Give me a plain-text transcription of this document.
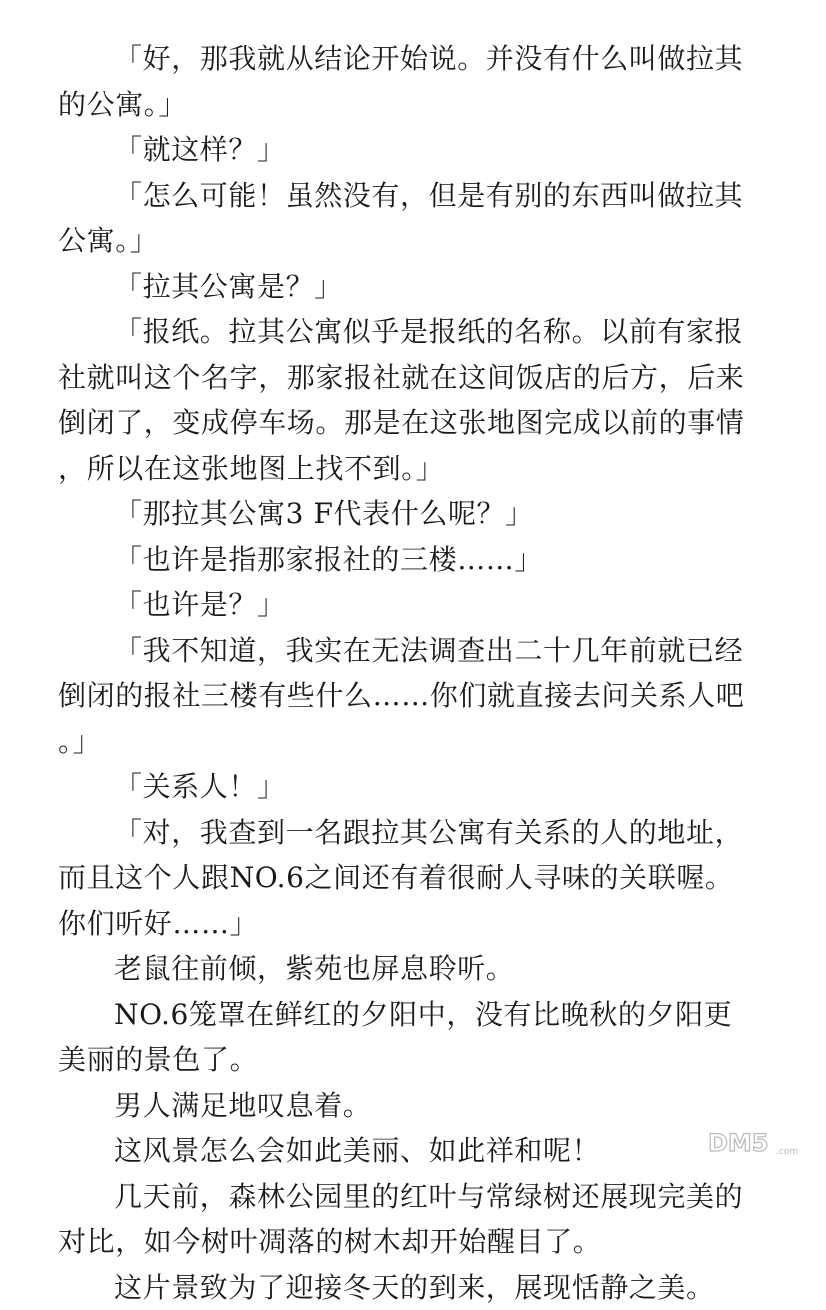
「好，那我就从结论开始说。并没有什么叫做拉其的公寓。」

「就这样？」

「怎么可能！虽然没有，但是有别的东西叫做拉其公寓。」

「拉其公寓是？」

「报纸。拉其公寓似乎是报纸的名称。以前有家报社就叫这个名字，那家报社就在这间饭店的后方，后来倒闭了，变成停车场。那是在这张地图完成以前的事情，所以在这张地图上找不到。」

「那拉其公寓3 F代表什么呢？」

「也许是指那家报社的三楼……」

「也许是？」

「我不知道，我实在无法调查出二十几年前就已经倒闭的报社三楼有些什么……你们就直接去问关系人吧。」

「关系人！」

「对，我查到一名跟拉其公寓有关系的人的地址，而且这个人跟NO.6之间还有着很耐人寻味的关联喔。你们听好……」

老鼠往前倾，紫苑也屏息聆听。

NO.6笼罩在鲜红的夕阳中，没有比晚秋的夕阳更美丽的景色了。

男人满足地叹息着。

这风景怎么会如此美丽、如此祥和呢！

几天前，森林公园里的红叶与常绿树还展现完美的对比，如今树叶凋落的树木却开始醒目了。

这片景致为了迎接冬天的到来，展现恬静之美。

DM5 .com
